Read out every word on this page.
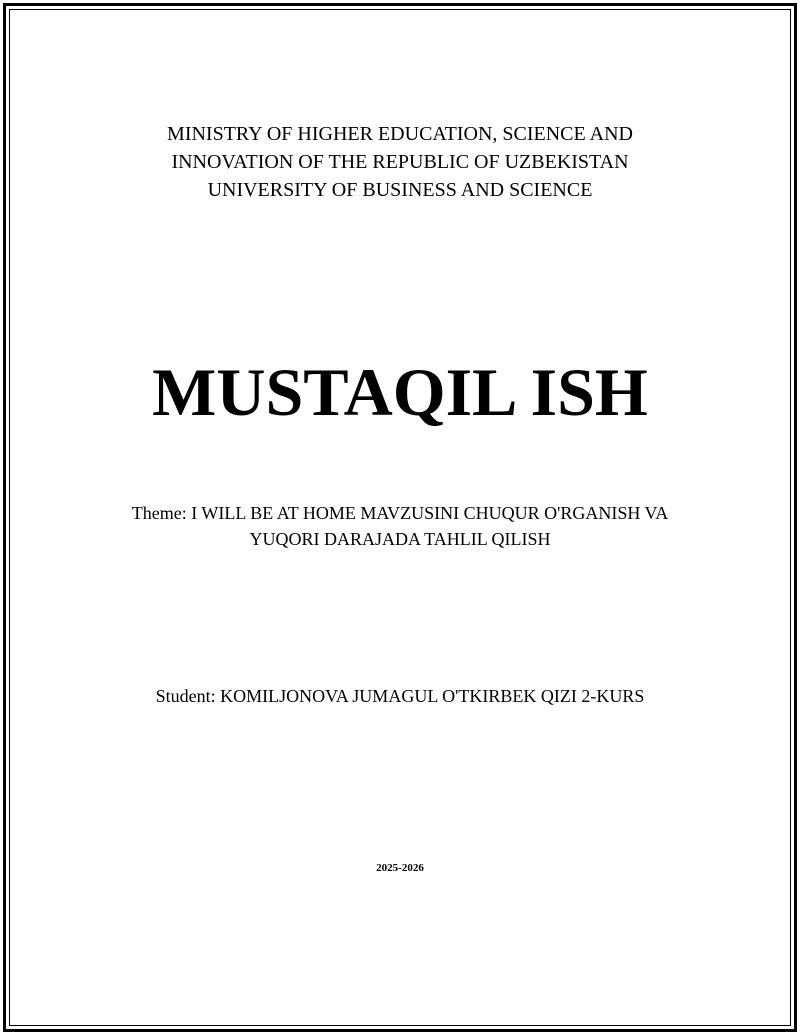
MINISTRY OF HIGHER EDUCATION, SCIENCE AND
INNOVATION OF THE REPUBLIC OF UZBEKISTAN
UNIVERSITY OF BUSINESS AND SCIENCE
MUSTAQIL ISH
Theme: I WILL BE AT HOME MAVZUSINI CHUQUR O'RGANISH VA
YUQORI DARAJADA TAHLIL QILISH
Student: KOMILJONOVA JUMAGUL O'TKIRBEK QIZI 2-KURS
2025-2026
